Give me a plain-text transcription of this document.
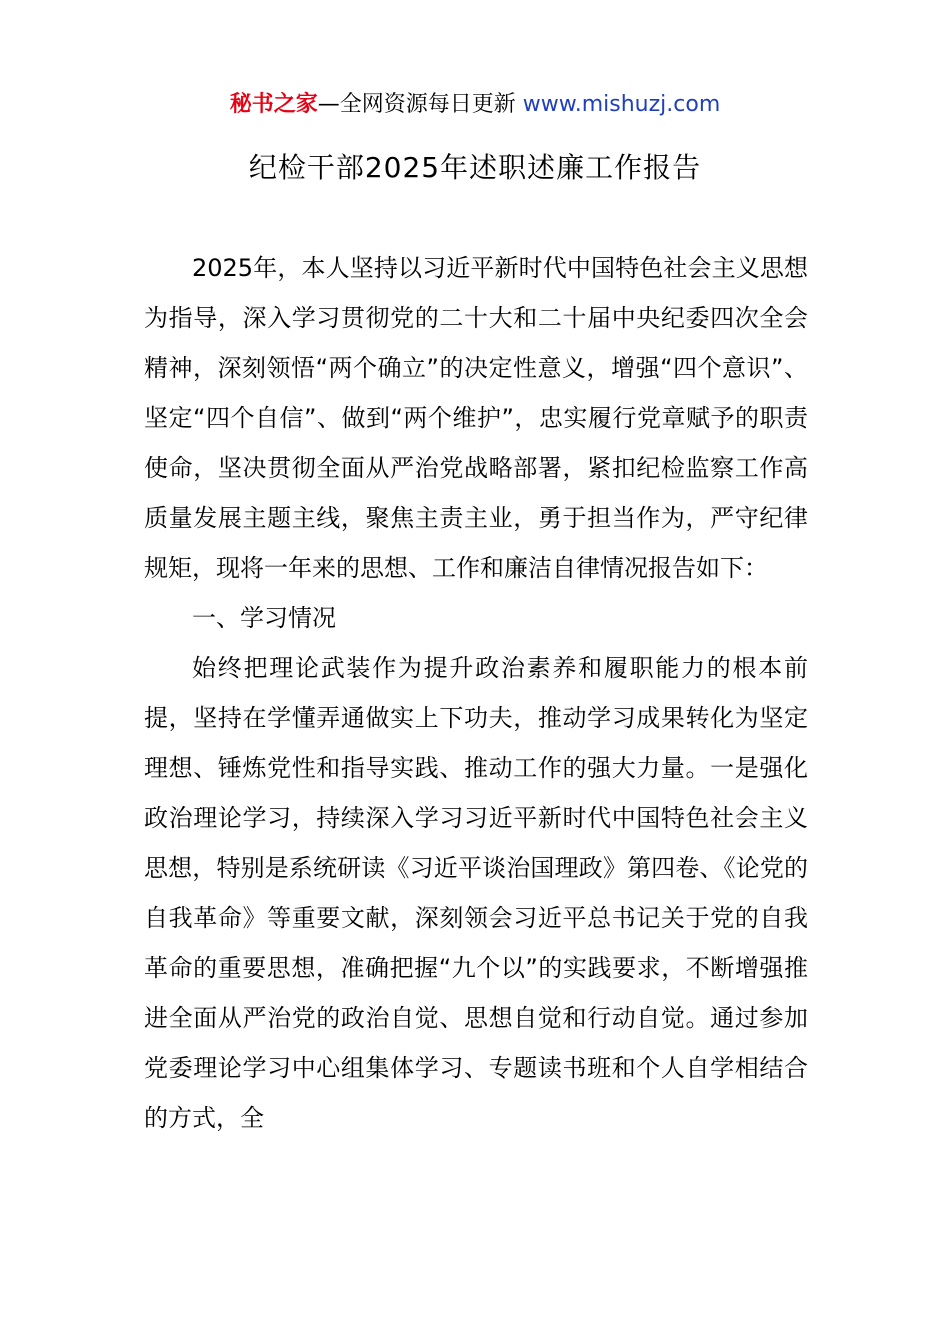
秘书之家—全网资源每日更新 www.mishuzj.com
纪检干部2025年述职述廉工作报告

2025年，本人坚持以习近平新时代中国特色社会主义思想为指导，深入学习贯彻党的二十大和二十届中央纪委四次全会精神，深刻领悟“两个确立”的决定性意义，增强“四个意识”、坚定“四个自信”、做到“两个维护”，忠实履行党章赋予的职责使命，坚决贯彻全面从严治党战略部署，紧扣纪检监察工作高质量发展主题主线，聚焦主责主业，勇于担当作为，严守纪律规矩，现将一年来的思想、工作和廉洁自律情况报告如下：

一、学习情况

始终把理论武装作为提升政治素养和履职能力的根本前提，坚持在学懂弄通做实上下功夫，推动学习成果转化为坚定理想、锤炼党性和指导实践、推动工作的强大力量。一是强化政治理论学习，持续深入学习习近平新时代中国特色社会主义思想，特别是系统研读《习近平谈治国理政》第四卷、《论党的自我革命》等重要文献，深刻领会习近平总书记关于党的自我革命的重要思想，准确把握“九个以”的实践要求，不断增强推进全面从严治党的政治自觉、思想自觉和行动自觉。通过参加党委理论学习中心组集体学习、专题读书班和个人自学相结合的方式，全
